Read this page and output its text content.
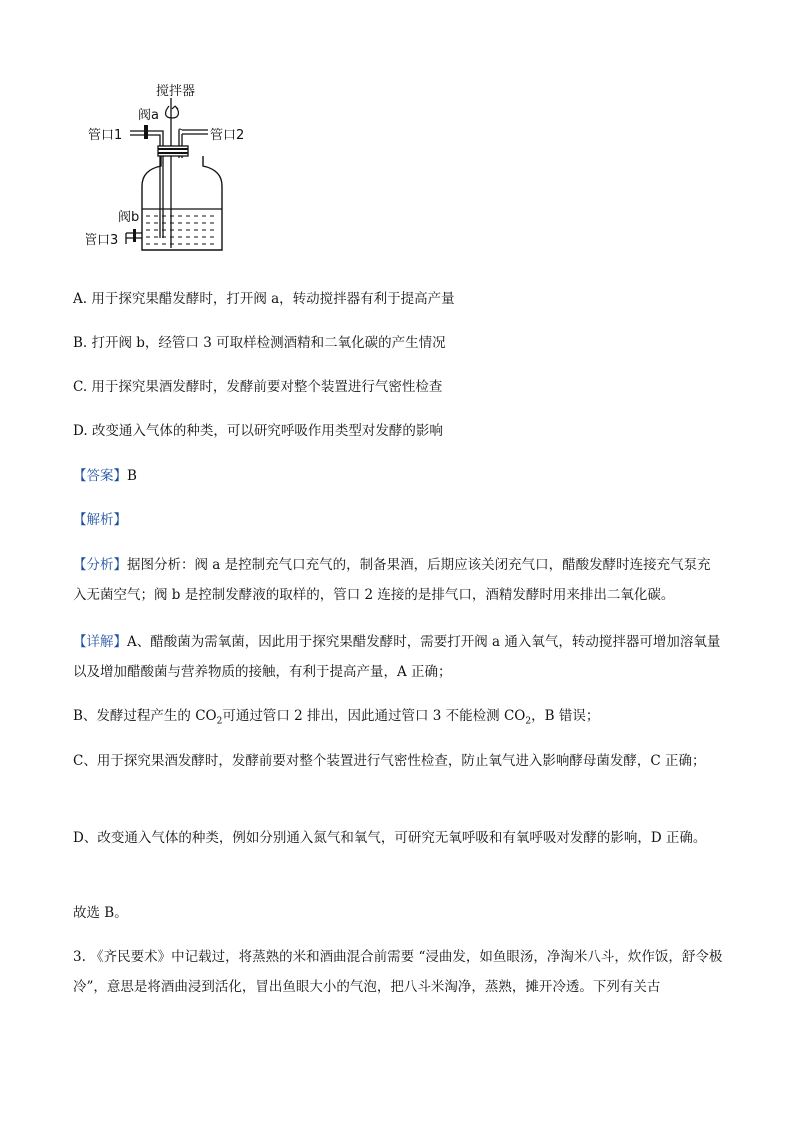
搅拌器
阀a
管口1	管口2
阀b
管口3
A. 用于探究果醋发酵时，打开阀 a，转动搅拌器有利于提高产量
B. 打开阀 b，经管口 3 可取样检测酒精和二氧化碳的产生情况
C. 用于探究果酒发酵时，发酵前要对整个装置进行气密性检查
D. 改变通入气体的种类，可以研究呼吸作用类型对发酵的影响
【答案】B
【解析】
【分析】据图分析：阀 a 是控制充气口充气的，制备果酒，后期应该关闭充气口，醋酸发酵时连接充气泵充入无菌空气；阀 b 是控制发酵液的取样的，管口 2 连接的是排气口，酒精发酵时用来排出二氧化碳。
【详解】A、醋酸菌为需氧菌，因此用于探究果醋发酵时，需要打开阀 a 通入氧气，转动搅拌器可增加溶氧量以及增加醋酸菌与营养物质的接触，有利于提高产量，A 正确；
B、发酵过程产生的 $CO_2$可通过管口 2 排出，因此通过管口 3 不能检测 $CO_2$，B 错误；
C、用于探究果酒发酵时，发酵前要对整个装置进行气密性检查，防止氧气进入影响酵母菌发酵，C 正确；
D、改变通入气体的种类，例如分别通入氮气和氧气，可研究无氧呼吸和有氧呼吸对发酵的影响，D 正确。
故选 B。
3. 《齐民要术》中记载过，将蒸熟的米和酒曲混合前需要 “浸曲发，如鱼眼汤，净淘米八斗，炊作饭，舒令极冷”，意思是将酒曲浸到活化，冒出鱼眼大小的气泡，把八斗米淘净，蒸熟，摊开冷透。下列有关古
